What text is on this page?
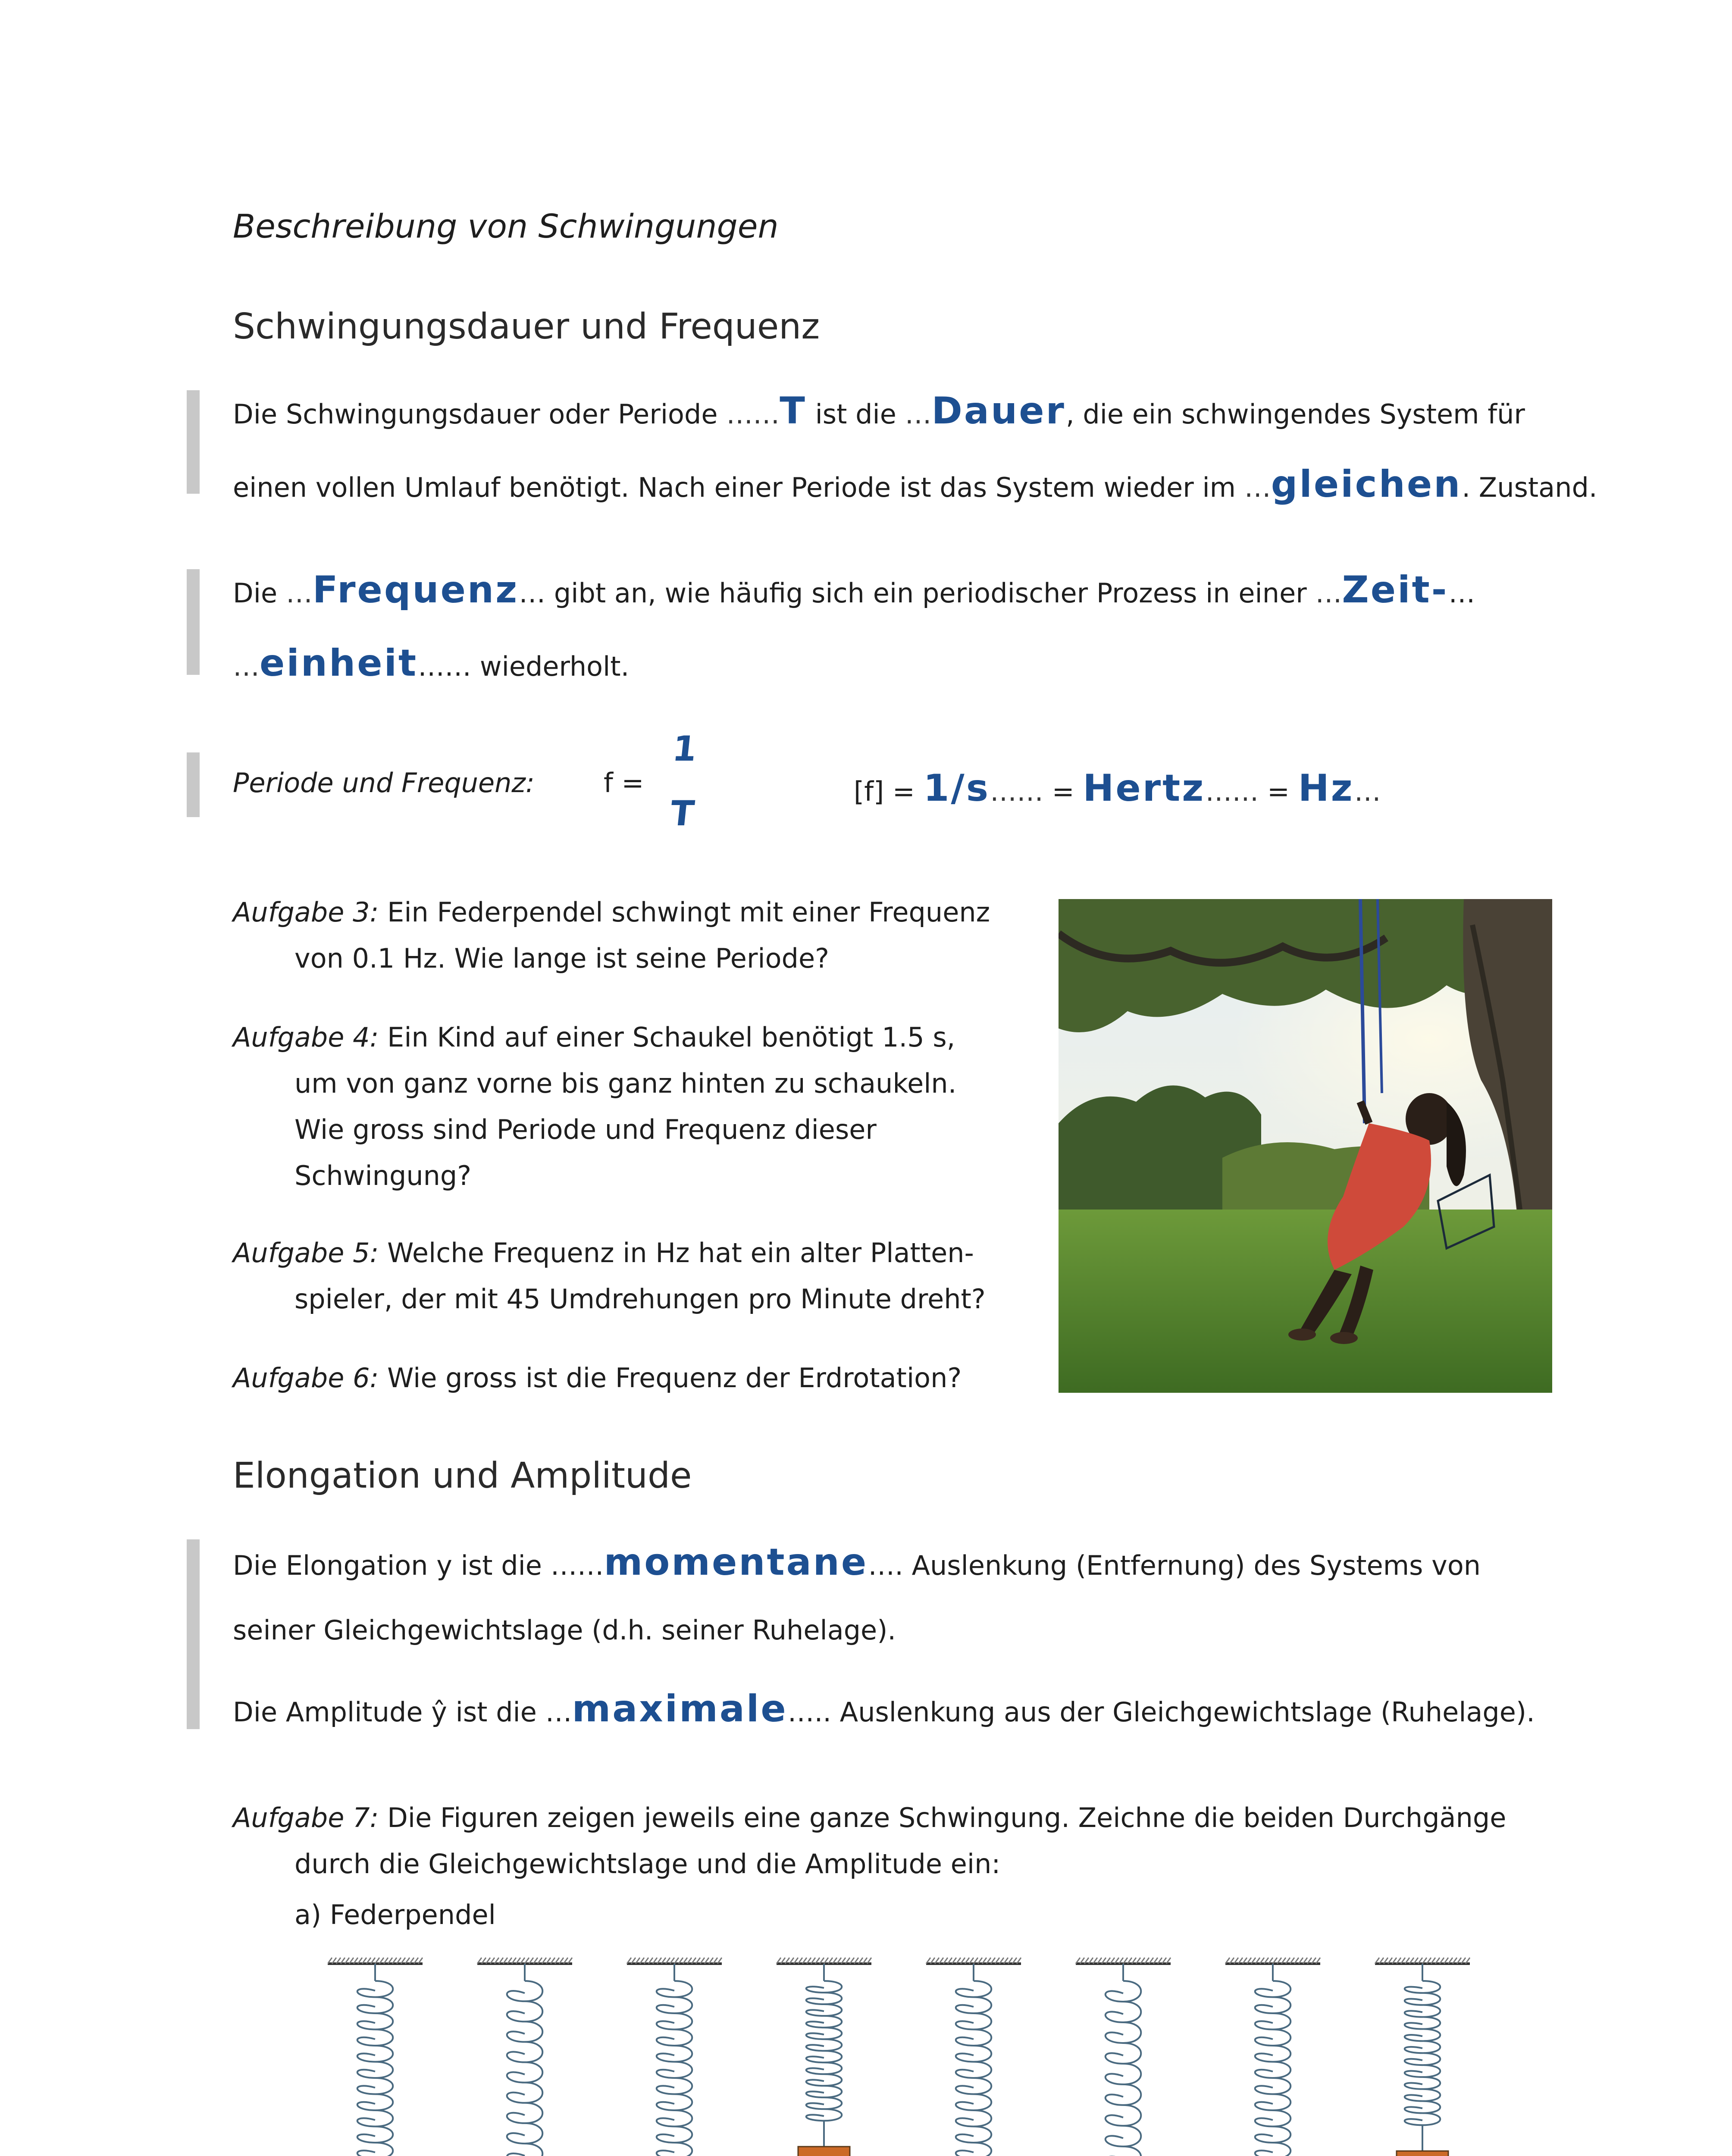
Beschreibung von Schwingungen
Schwingungsdauer und Frequenz
Die Schwingungsdauer oder Periode ……T ist die …Dauer, die ein schwingendes System für
einen vollen Umlauf benötigt. Nach einer Periode ist das System wieder im …gleichen. Zustand.
Die …Frequenz… gibt an, wie häufig sich ein periodischer Prozess in einer …Zeit-…
…einheit…… wiederholt.
Periode und Frequenz:	f =
1
T
[f] = 1/s…… = Hertz…… = Hz…
Aufgabe 3: Ein Federpendel schwingt mit einer Frequenz
von 0.1 Hz. Wie lange ist seine Periode?
Aufgabe 4: Ein Kind auf einer Schaukel benötigt 1.5 s,
um von ganz vorne bis ganz hinten zu schaukeln.
Wie gross sind Periode und Frequenz dieser
Schwingung?
Aufgabe 5: Welche Frequenz in Hz hat ein alter Platten-
spieler, der mit 45 Umdrehungen pro Minute dreht?
Aufgabe 6: Wie gross ist die Frequenz der Erdrotation?
Elongation und Amplitude
Die Elongation y ist die ……momentane…. Auslenkung (Entfernung) des Systems von
seiner Gleichgewichtslage (d.h. seiner Ruhelage).
Die Amplitude ŷ ist die …maximale….. Auslenkung aus der Gleichgewichtslage (Ruhelage).
Aufgabe 7: Die Figuren zeigen jeweils eine ganze Schwingung. Zeichne die beiden Durchgänge
durch die Gleichgewichtslage und die Amplitude ein:
a) Federpendel
